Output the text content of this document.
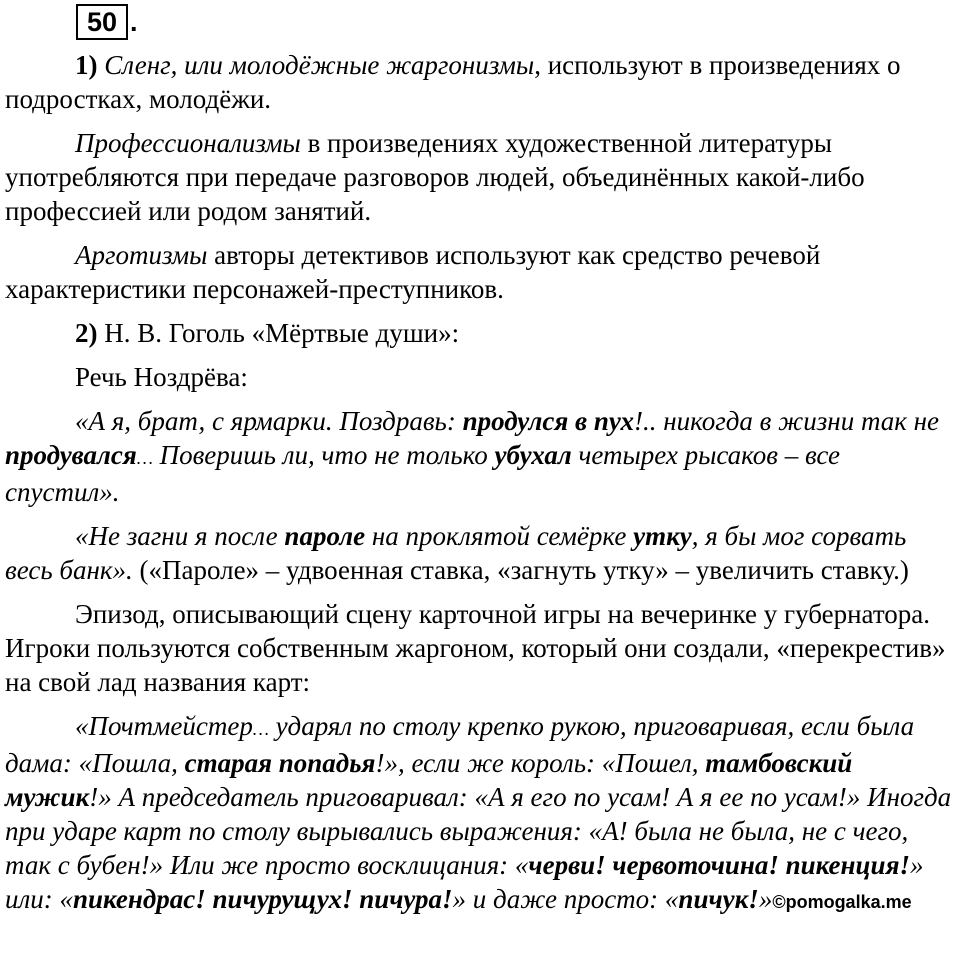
50 .

1) Сленг, или молодёжные жаргонизмы, используют в произведениях о подростках, молодёжи.

Профессионализмы в произведениях художественной литературы употребляются при передаче разговоров людей, объединённых какой-либо профессией или родом занятий.

Арготизмы авторы детективов используют как средство речевой характеристики персонажей-преступников.

2) Н. В. Гоголь «Мёртвые души»:

Речь Ноздрёва:

«А я, брат, с ярмарки. Поздравь: продулся в пух!.. никогда в жизни так не продувался… Поверишь ли, что не только убухал четырех рысаков – все спустил».

«Не загни я после пароле на проклятой семёрке утку, я бы мог сорвать весь банк». («Пароле» – удвоенная ставка, «загнуть утку» – увеличить ставку.)

Эпизод, описывающий сцену карточной игры на вечеринке у губернатора. Игроки пользуются собственным жаргоном, который они создали, «перекрестив» на свой лад названия карт:

«Почтмейстер… ударял по столу крепко рукою, приговаривая, если была дама: «Пошла, старая попадья!», если же король: «Пошел, тамбовский мужик!» А председатель приговаривал: «А я его по усам! А я ее по усам!» Иногда при ударе карт по столу вырывались выражения: «А! была не была, не с чего, так с бубен!» Или же просто восклицания: «черви! червоточина! пикенция!» или: «пикендрас! пичурущух! пичура!» и даже просто: «пичук!»©pomogalka.me
